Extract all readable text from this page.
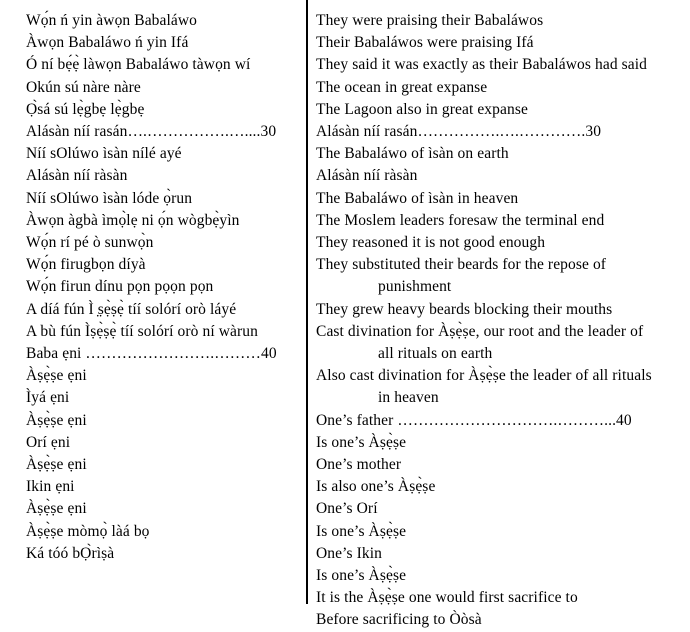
Wọ́n ń yin àwọn Babaláwo
Àwọn Babaláwo ń yin Ifá
Ó ní bẹ́ẹ̀ làwọn Babaláwo tàwọn wí
Okún sú nàre nàre
Ọ̀sá sú lẹ̀gbẹ lẹ̀gbẹ
Alásàn níí rasán….…………….…....30
Níí sOlúwo ìsàn nílé ayé
Alásàn níí ràsàn
Níí sOlúwo ìsàn lóde ọ̀run
Àwọn àgbà ìmọ̀lẹ ni ọ́n wògbẹ̀yìn
Wọ́n rí pé ò sunwọ̀n
Wọ́n firugbọn díyà
Wọ́n firun dínu pọn pọọn pọn
A díá fún Ì ̣ṣẹ̀ṣẹ̀ tíí solórí orò láyé
A bù fún Ìṣẹ̀ṣẹ̀ tíí solórí orò ní wàrun
Baba ẹni …………………….………40
Àṣẹ̀ṣe ẹni
Ìyá ẹni
Àṣẹ̀ṣe ẹni
Orí ẹni
Àṣẹ̀ṣe ẹni
Ikin ẹni
Àṣẹ̀ṣe ẹni
Àṣẹ̀ṣe mòmọ̀ làá bọ
Ká tóó bỌ̀rìṣà
They were praising their Babaláwos
Their Babaláwos were praising Ifá
They said it was exactly as their Babaláwos had said
The ocean in great expanse
The Lagoon also in great expanse
Alásàn níí rasán…………….….………….30
The Babaláwo of ìsàn on earth
Alásàn níí ràsàn
The Babaláwo of ìsàn in heaven
The Moslem leaders foresaw the terminal end
They reasoned it is not good enough
They substituted their beards for the repose of
punishment
They grew heavy beards blocking their mouths
Cast divination for Àṣẹ̀ṣe, our root and the leader of
all rituals on earth
Also cast divination for Àṣẹ̀ṣe the leader of all rituals
in heaven
One’s father ………………………….………...40
Is one’s Àṣẹ̀ṣe
One’s mother
Is also one’s Àṣẹ̀ṣe
One’s Orí
Is one’s Àṣẹ̀ṣe
One’s Ikin
Is one’s Àṣẹ̀ṣe
It is the Àṣẹ̀ṣe one would first sacrifice to
Before sacrificing to Òòsà
